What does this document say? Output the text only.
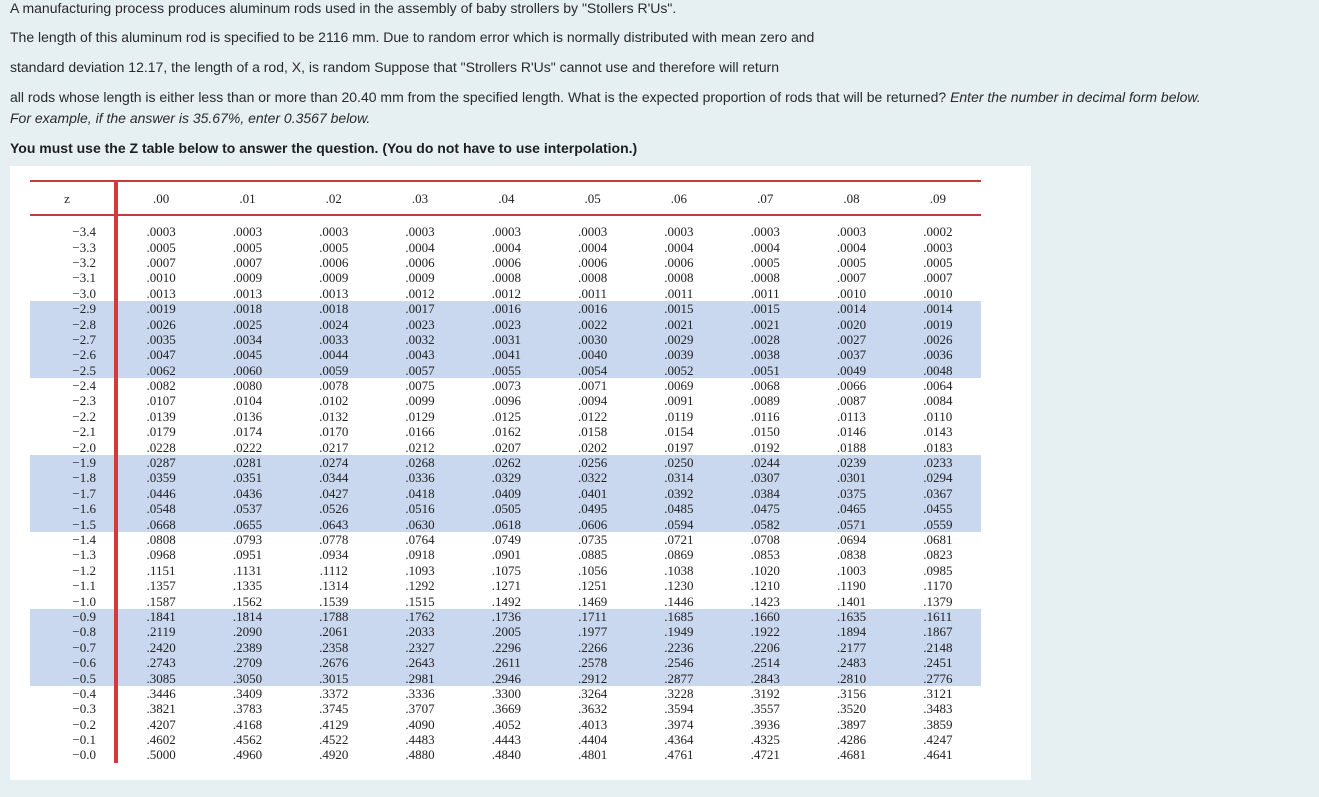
A manufacturing process produces aluminum rods used in the assembly of baby strollers by "Stollers R'Us".
The length of this aluminum rod is specified to be 2116 mm. Due to random error which is normally distributed with mean zero and
standard deviation 12.17, the length of a rod, X, is random Suppose that "Strollers R'Us" cannot use and therefore will return
all rods whose length is either less than or more than 20.40 mm from the specified length. What is the expected proportion of rods that will be returned? Enter the number in decimal form below.
For example, if the answer is 35.67%, enter 0.3567 below.
You must use the Z table below to answer the question. (You do not have to use interpolation.)
z	.00	.01	.02	.03	.04	.05	.06	.07	.08	.09

−3.4	.0003	.0003	.0003	.0003	.0003	.0003	.0003	.0003	.0003	.0002
−3.3	.0005	.0005	.0005	.0004	.0004	.0004	.0004	.0004	.0004	.0003
−3.2	.0007	.0007	.0006	.0006	.0006	.0006	.0006	.0005	.0005	.0005
−3.1	.0010	.0009	.0009	.0009	.0008	.0008	.0008	.0008	.0007	.0007
−3.0	.0013	.0013	.0013	.0012	.0012	.0011	.0011	.0011	.0010	.0010
−2.9	.0019	.0018	.0018	.0017	.0016	.0016	.0015	.0015	.0014	.0014
−2.8	.0026	.0025	.0024	.0023	.0023	.0022	.0021	.0021	.0020	.0019
−2.7	.0035	.0034	.0033	.0032	.0031	.0030	.0029	.0028	.0027	.0026
−2.6	.0047	.0045	.0044	.0043	.0041	.0040	.0039	.0038	.0037	.0036
−2.5	.0062	.0060	.0059	.0057	.0055	.0054	.0052	.0051	.0049	.0048
−2.4	.0082	.0080	.0078	.0075	.0073	.0071	.0069	.0068	.0066	.0064
−2.3	.0107	.0104	.0102	.0099	.0096	.0094	.0091	.0089	.0087	.0084
−2.2	.0139	.0136	.0132	.0129	.0125	.0122	.0119	.0116	.0113	.0110
−2.1	.0179	.0174	.0170	.0166	.0162	.0158	.0154	.0150	.0146	.0143
−2.0	.0228	.0222	.0217	.0212	.0207	.0202	.0197	.0192	.0188	.0183
−1.9	.0287	.0281	.0274	.0268	.0262	.0256	.0250	.0244	.0239	.0233
−1.8	.0359	.0351	.0344	.0336	.0329	.0322	.0314	.0307	.0301	.0294
−1.7	.0446	.0436	.0427	.0418	.0409	.0401	.0392	.0384	.0375	.0367
−1.6	.0548	.0537	.0526	.0516	.0505	.0495	.0485	.0475	.0465	.0455
−1.5	.0668	.0655	.0643	.0630	.0618	.0606	.0594	.0582	.0571	.0559
−1.4	.0808	.0793	.0778	.0764	.0749	.0735	.0721	.0708	.0694	.0681
−1.3	.0968	.0951	.0934	.0918	.0901	.0885	.0869	.0853	.0838	.0823
−1.2	.1151	.1131	.1112	.1093	.1075	.1056	.1038	.1020	.1003	.0985
−1.1	.1357	.1335	.1314	.1292	.1271	.1251	.1230	.1210	.1190	.1170
−1.0	.1587	.1562	.1539	.1515	.1492	.1469	.1446	.1423	.1401	.1379
−0.9	.1841	.1814	.1788	.1762	.1736	.1711	.1685	.1660	.1635	.1611
−0.8	.2119	.2090	.2061	.2033	.2005	.1977	.1949	.1922	.1894	.1867
−0.7	.2420	.2389	.2358	.2327	.2296	.2266	.2236	.2206	.2177	.2148
−0.6	.2743	.2709	.2676	.2643	.2611	.2578	.2546	.2514	.2483	.2451
−0.5	.3085	.3050	.3015	.2981	.2946	.2912	.2877	.2843	.2810	.2776
−0.4	.3446	.3409	.3372	.3336	.3300	.3264	.3228	.3192	.3156	.3121
−0.3	.3821	.3783	.3745	.3707	.3669	.3632	.3594	.3557	.3520	.3483
−0.2	.4207	.4168	.4129	.4090	.4052	.4013	.3974	.3936	.3897	.3859
−0.1	.4602	.4562	.4522	.4483	.4443	.4404	.4364	.4325	.4286	.4247
−0.0	.5000	.4960	.4920	.4880	.4840	.4801	.4761	.4721	.4681	.4641
